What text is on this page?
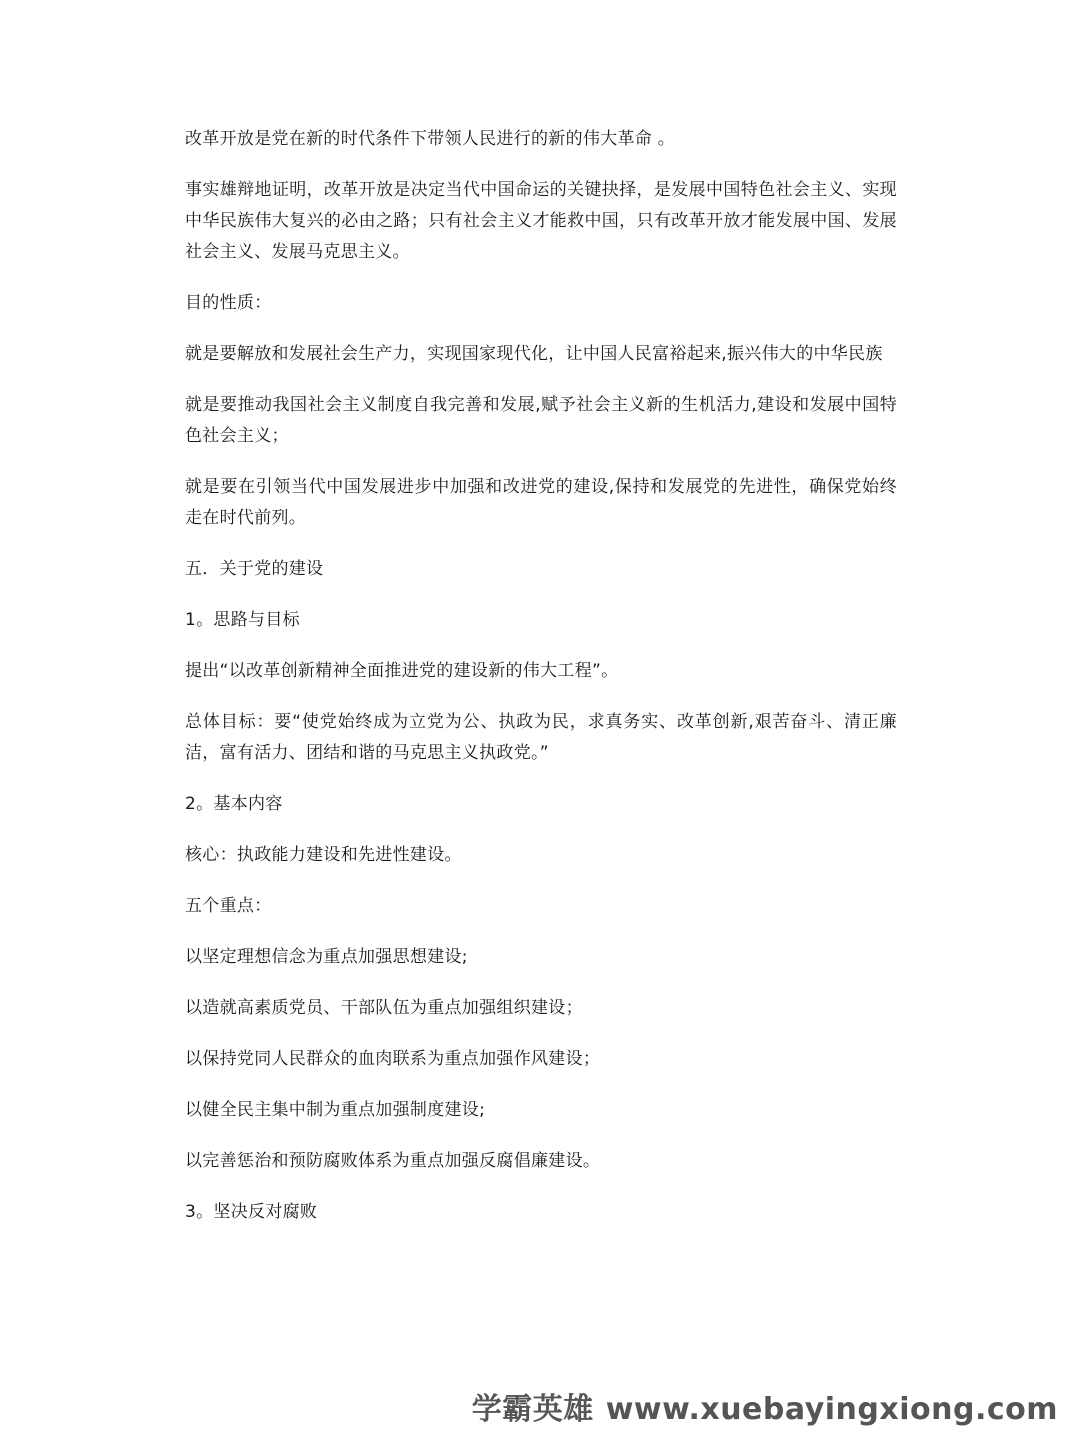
改革开放是党在新的时代条件下带领人民进行的新的伟大革命 。

事实雄辩地证明，改革开放是决定当代中国命运的关键抉择，是发展中国特色社会主义、实现中华民族伟大复兴的必由之路；只有社会主义才能救中国，只有改革开放才能发展中国、发展社会主义、发展马克思主义。

目的性质：

就是要解放和发展社会生产力，实现国家现代化，让中国人民富裕起来,振兴伟大的中华民族

就是要推动我国社会主义制度自我完善和发展,赋予社会主义新的生机活力,建设和发展中国特色社会主义；

就是要在引领当代中国发展进步中加强和改进党的建设,保持和发展党的先进性，确保党始终走在时代前列。

五．关于党的建设

1。思路与目标

提出“以改革创新精神全面推进党的建设新的伟大工程”。

总体目标：要“使党始终成为立党为公、执政为民，求真务实、改革创新,艰苦奋斗、清正廉洁，富有活力、团结和谐的马克思主义执政党。”

2。基本内容

核心：执政能力建设和先进性建设。

五个重点：

以坚定理想信念为重点加强思想建设;

以造就高素质党员、干部队伍为重点加强组织建设；

以保持党同人民群众的血肉联系为重点加强作风建设；

以健全民主集中制为重点加强制度建设;

以完善惩治和预防腐败体系为重点加强反腐倡廉建设。

3。坚决反对腐败

学霸英雄 www.xuebayingxiong.com
